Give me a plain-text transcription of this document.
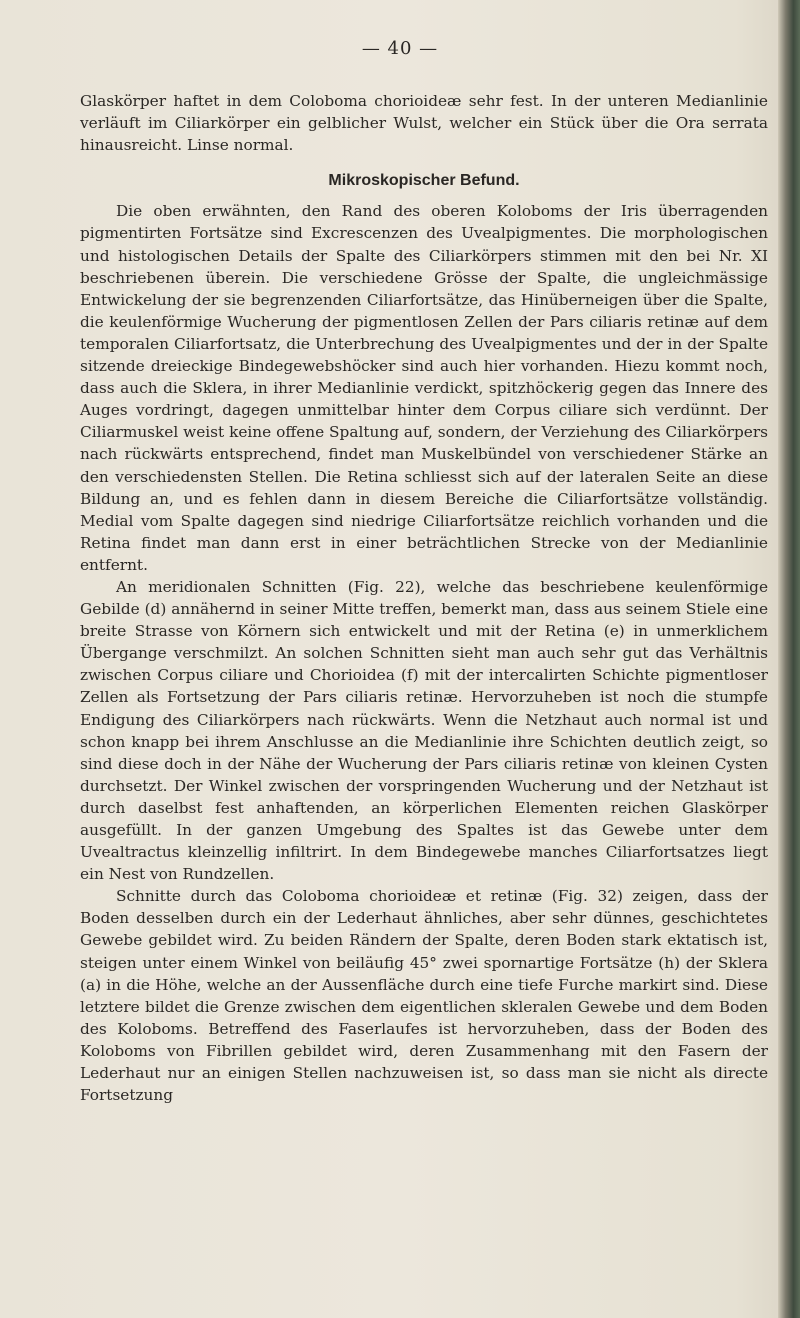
— 40 —

Glaskörper haftet in dem Coloboma chorioideæ sehr fest. In der unteren Medianlinie verläuft im Ciliarkörper ein gelblicher Wulst, welcher ein Stück über die Ora serrata hinausreicht. Linse normal.

Mikroskopischer Befund.

Die oben erwähnten, den Rand des oberen Koloboms der Iris überragenden pigmentirten Fortsätze sind Excrescenzen des Uvealpigmentes. Die morphologischen und histologischen Details der Spalte des Ciliarkörpers stimmen mit den bei Nr. XI beschriebenen überein. Die verschiedene Grösse der Spalte, die ungleichmässige Entwickelung der sie begrenzenden Ciliarfortsätze, das Hinüberneigen über die Spalte, die keulenförmige Wucherung der pigmentlosen Zellen der Pars ciliaris retinæ auf dem temporalen Ciliarfortsatz, die Unterbrechung des Uvealpigmentes und der in der Spalte sitzende dreieckige Bindegewebshöcker sind auch hier vorhanden. Hiezu kommt noch, dass auch die Sklera, in ihrer Medianlinie verdickt, spitzhöckerig gegen das Innere des Auges vordringt, dagegen unmittelbar hinter dem Corpus ciliare sich verdünnt. Der Ciliarmuskel weist keine offene Spaltung auf, sondern, der Verziehung des Ciliarkörpers nach rückwärts entsprechend, findet man Muskelbündel von verschiedener Stärke an den verschiedensten Stellen. Die Retina schliesst sich auf der lateralen Seite an diese Bildung an, und es fehlen dann in diesem Bereiche die Ciliarfortsätze vollständig. Medial vom Spalte dagegen sind niedrige Ciliarfortsätze reichlich vorhanden und die Retina findet man dann erst in einer beträchtlichen Strecke von der Medianlinie entfernt.

An meridionalen Schnitten (Fig. 22), welche das beschriebene keulenförmige Gebilde (d) annähernd in seiner Mitte treffen, bemerkt man, dass aus seinem Stiele eine breite Strasse von Körnern sich entwickelt und mit der Retina (e) in unmerklichem Übergange verschmilzt. An solchen Schnitten sieht man auch sehr gut das Verhältnis zwischen Corpus ciliare und Chorioidea (f) mit der intercalirten Schichte pigmentloser Zellen als Fortsetzung der Pars ciliaris retinæ. Hervorzuheben ist noch die stumpfe Endigung des Ciliarkörpers nach rückwärts. Wenn die Netzhaut auch normal ist und schon knapp bei ihrem Anschlusse an die Medianlinie ihre Schichten deutlich zeigt, so sind diese doch in der Nähe der Wucherung der Pars ciliaris retinæ von kleinen Cysten durchsetzt. Der Winkel zwischen der vorspringenden Wucherung und der Netzhaut ist durch daselbst fest anhaftenden, an körperlichen Elementen reichen Glaskörper ausgefüllt. In der ganzen Umgebung des Spaltes ist das Gewebe unter dem Uvealtractus kleinzellig infiltrirt. In dem Bindegewebe manches Ciliarfortsatzes liegt ein Nest von Rundzellen.

Schnitte durch das Coloboma chorioideæ et retinæ (Fig. 32) zeigen, dass der Boden desselben durch ein der Lederhaut ähnliches, aber sehr dünnes, geschichtetes Gewebe gebildet wird. Zu beiden Rändern der Spalte, deren Boden stark ektatisch ist, steigen unter einem Winkel von beiläufig 45° zwei spornartige Fortsätze (h) der Sklera (a) in die Höhe, welche an der Aussenfläche durch eine tiefe Furche markirt sind. Diese letztere bildet die Grenze zwischen dem eigentlichen skleralen Gewebe und dem Boden des Koloboms. Betreffend des Faserlaufes ist hervorzuheben, dass der Boden des Koloboms von Fibrillen gebildet wird, deren Zusammenhang mit den Fasern der Lederhaut nur an einigen Stellen nachzuweisen ist, so dass man sie nicht als directe Fortsetzung
